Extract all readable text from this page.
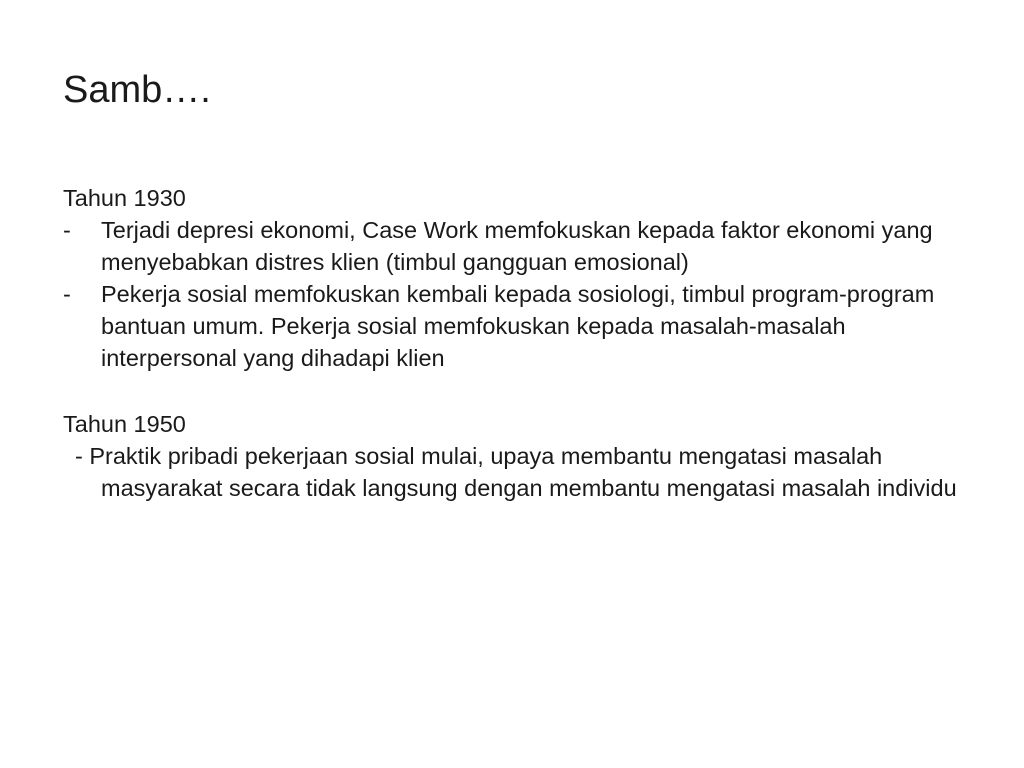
Samb….

Tahun 1930

- Terjadi depresi ekonomi, Case Work memfokuskan kepada faktor ekonomi yang menyebabkan distres klien (timbul gangguan emosional)
- Pekerja sosial memfokuskan kembali kepada sosiologi, timbul program-program bantuan umum. Pekerja sosial memfokuskan kepada masalah-masalah interpersonal yang dihadapi klien

Tahun 1950

- Praktik pribadi pekerjaan sosial mulai, upaya membantu mengatasi masalah masyarakat secara tidak langsung dengan membantu mengatasi masalah individu
